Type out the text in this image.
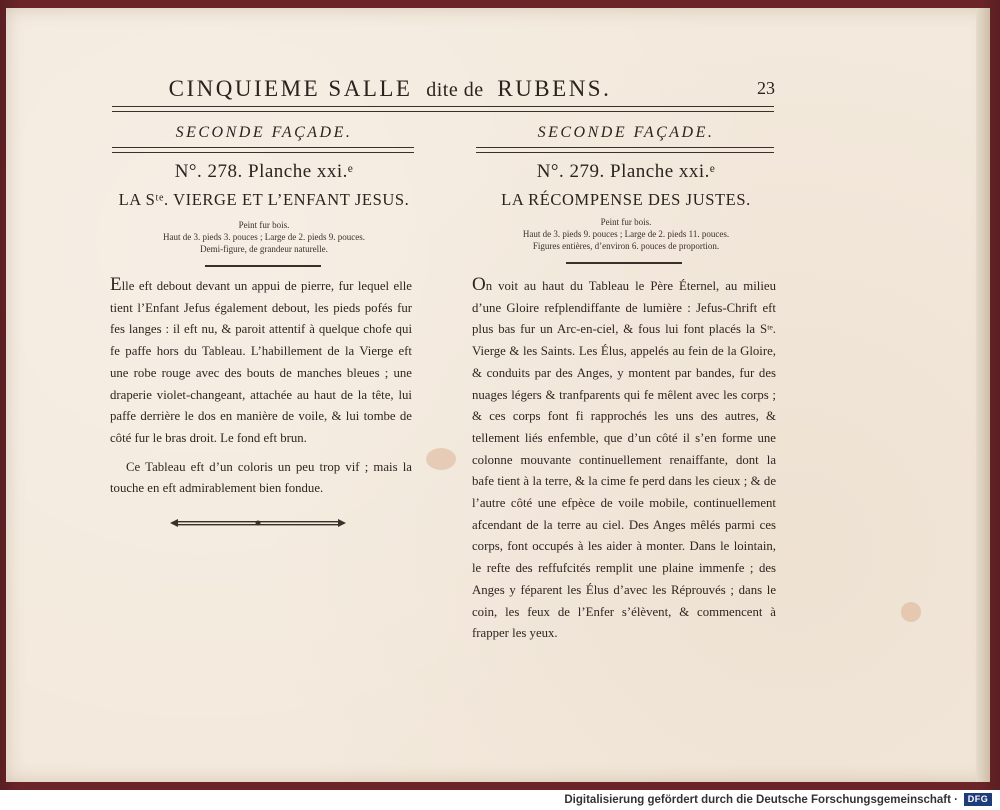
CINQUIEME SALLE dite de RUBENS.	23
SECONDE FAÇADE.
N°. 278. Planche xxi.ᵉ
LA Sᵗᵉ. VIERGE ET L’ENFANT JESUS.
Peint fur bois.
Haut de 3. pieds 3. pouces ; Large de 2. pieds 9. pouces.
Demi-figure, de grandeur naturelle.

Elle eft debout devant un appui de pierre, fur lequel elle tient l’Enfant Jefus également debout, les pieds pofés fur fes langes : il eft nu, & paroit attentif à quelque chofe qui fe paffe hors du Tableau. L’habillement de la Vierge eft une robe rouge avec des bouts de manches bleues ; une draperie violet-changeant, attachée au haut de la tête, lui paffe derrière le dos en manière de voile, & lui tombe de côté fur le bras droit. Le fond eft brun.

Ce Tableau eft d’un coloris un peu trop vif ; mais la touche en eft admirablement bien fondue.

SECONDE FAÇADE.
N°. 279. Planche xxi.ᵉ
LA RÉCOMPENSE DES JUSTES.
Peint fur bois.
Haut de 3. pieds 9. pouces ; Large de 2. pieds 11. pouces.
Figures entières, d’environ 6. pouces de proportion.

On voit au haut du Tableau le Père Éternel, au milieu d’une Gloire refplendiffante de lumière : Jefus-Chrift eft plus bas fur un Arc-en-ciel, & fous lui font placés la Sᵗᵉ. Vierge & les Saints. Les Élus, appelés au fein de la Gloire, & conduits par des Anges, y montent par bandes, fur des nuages légers & tranfparents qui fe mêlent avec les corps ; & ces corps font fi rapprochés les uns des autres, & tellement liés enfemble, que d’un côté il s’en forme une colonne mouvante continuellement renaiffante, dont la bafe tient à la terre, & la cime fe perd dans les cieux ; & de l’autre côté une efpèce de voile mobile, continuellement afcendant de la terre au ciel. Des Anges mêlés parmi ces corps, font occupés à les aider à monter. Dans le lointain, le refte des reffufcités remplit une plaine immenfe ; des Anges y féparent les Élus d’avec les Réprouvés ; dans le coin, les feux de l’Enfer s’élèvent, & commencent à frapper les yeux.

Digitalisierung gefördert durch die Deutsche Forschungsgemeinschaft ·	DFG
